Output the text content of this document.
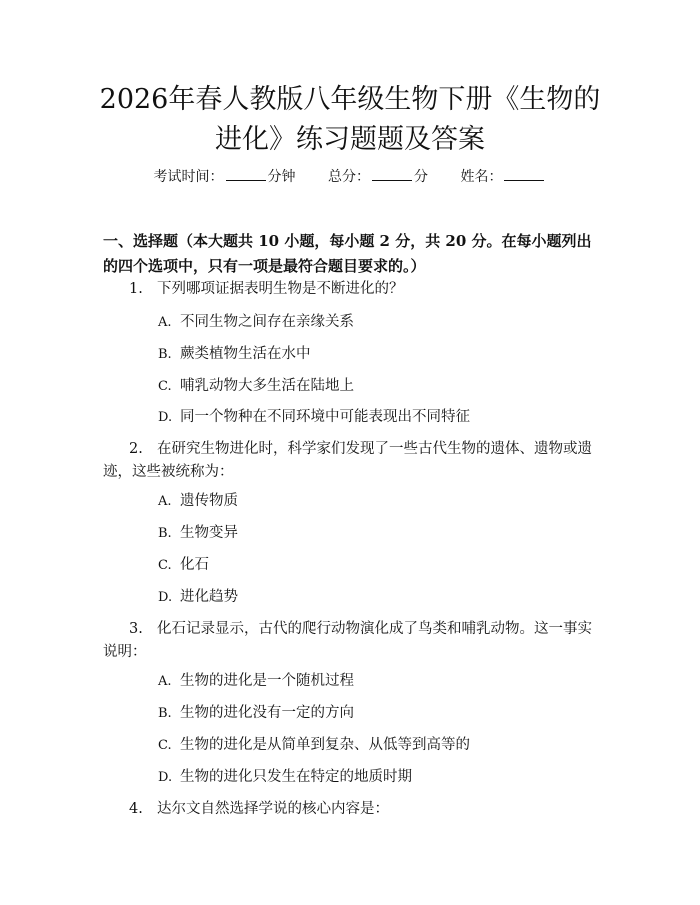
2026年春人教版八年级生物下册《生物的进化》练习题题及答案
考试时间：	分钟 总分：	分 姓名：

一、选择题（本大题共 10 小题，每小题 2 分，共 20 分。在每小题列出的四个选项中，只有一项是最符合题目要求的。）

1. 下列哪项证据表明生物是不断进化的？

A. 不同生物之间存在亲缘关系

B. 蕨类植物生活在水中

C. 哺乳动物大多生活在陆地上

D. 同一个物种在不同环境中可能表现出不同特征

2. 在研究生物进化时，科学家们发现了一些古代生物的遗体、遗物或遗迹，这些被统称为：

A. 遗传物质

B. 生物变异

C. 化石

D. 进化趋势

3. 化石记录显示，古代的爬行动物演化成了鸟类和哺乳动物。这一事实说明：

A. 生物的进化是一个随机过程

B. 生物的进化没有一定的方向

C. 生物的进化是从简单到复杂、从低等到高等的

D. 生物的进化只发生在特定的地质时期

4. 达尔文自然选择学说的核心内容是：
